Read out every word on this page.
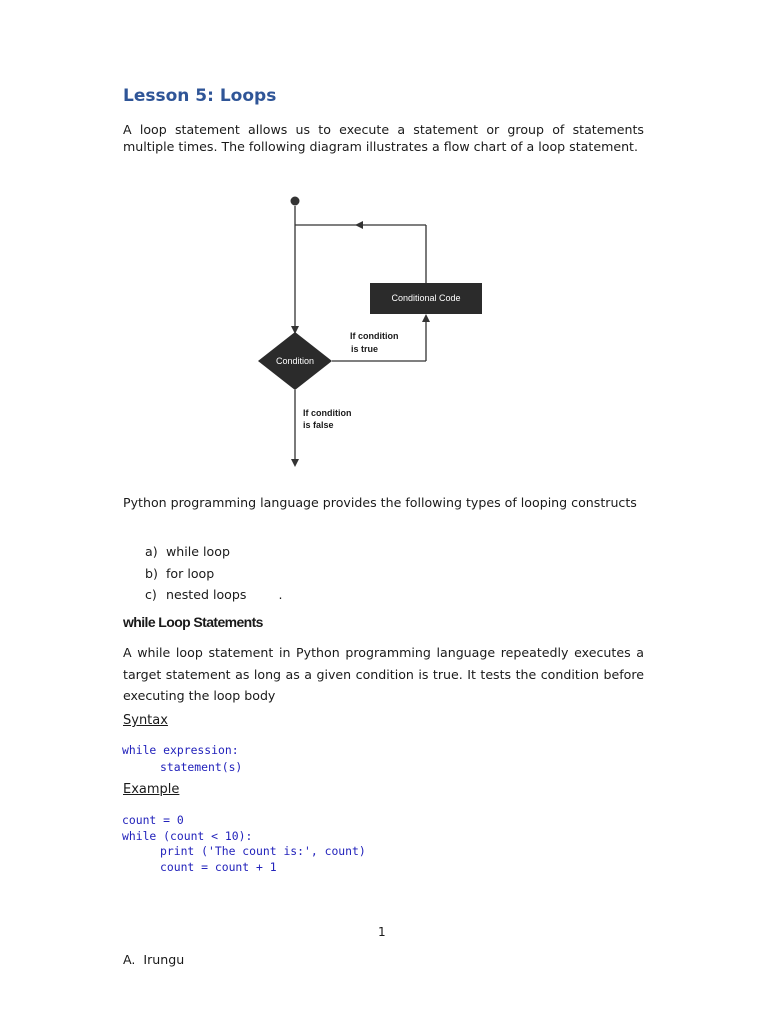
Lesson 5: Loops

A loop statement allows us to execute a statement or group of statements multiple times. The following diagram illustrates a flow chart of a loop statement.

Conditional Code
Condition
If condition
is true
If condition
is false

Python programming language provides the following types of looping constructs

a) while loop
b) for loop
c) nested loops        .
while Loop Statements

A while loop statement in Python programming language repeatedly executes a target statement as long as a given condition is true. It tests the condition before executing the loop body

Syntax

while expression:
statement(s)

Example

count = 0
while (count < 10):
print ('The count is:', count)
count = count + 1

1

A.  Irungu
